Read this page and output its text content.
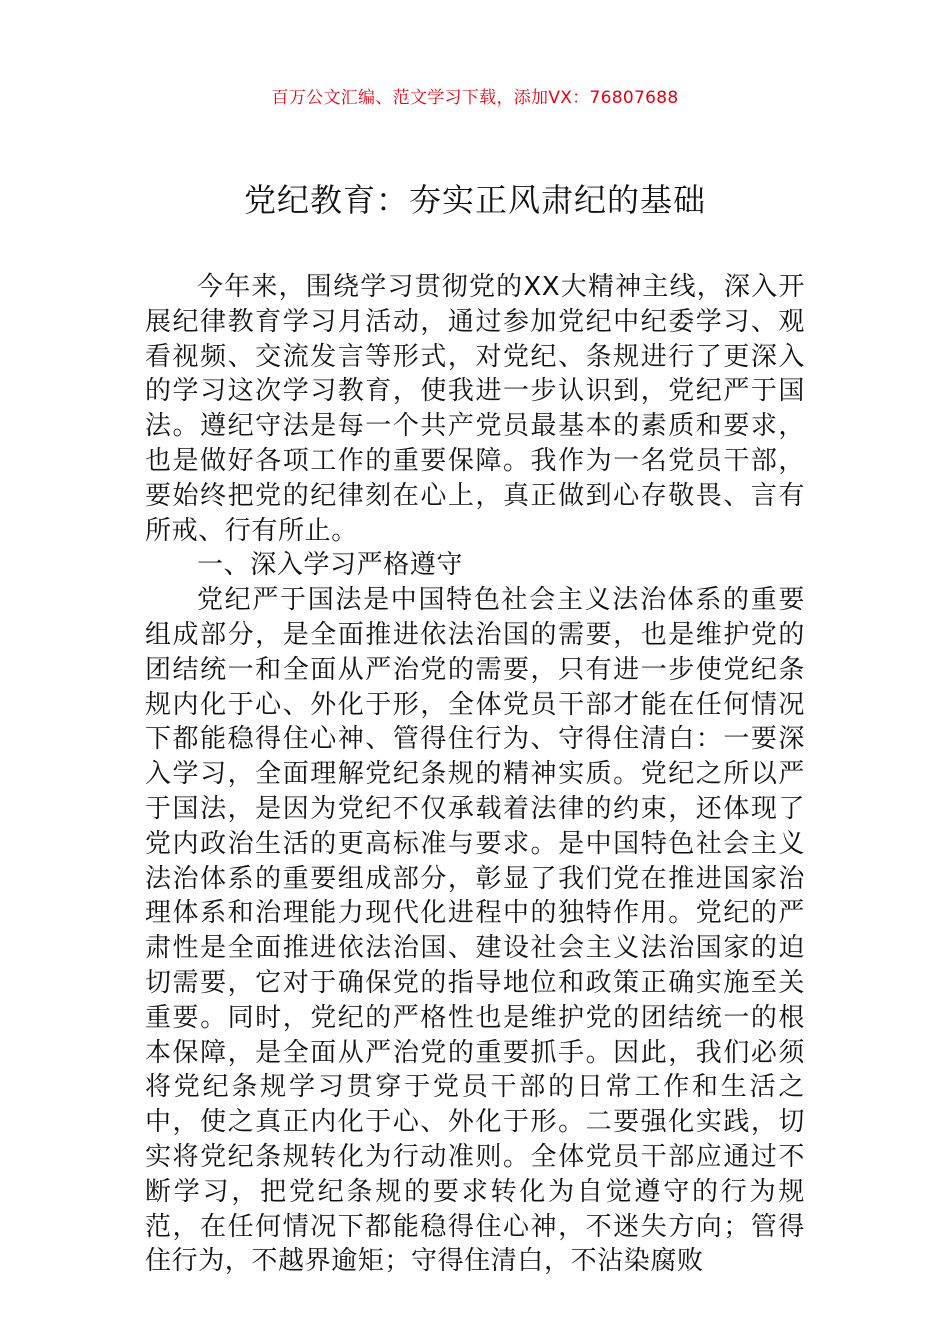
百万公文汇编、范文学习下载，添加VX：76807688
党纪教育：夯实正风肃纪的基础

今年来，围绕学习贯彻党的XX大精神主线，深入开展纪律教育学习月活动，通过参加党纪中纪委学习、观看视频、交流发言等形式，对党纪、条规进行了更深入的学习这次学习教育，使我进一步认识到，党纪严于国法。遵纪守法是每一个共产党员最基本的素质和要求，也是做好各项工作的重要保障。我作为一名党员干部，要始终把党的纪律刻在心上，真正做到心存敬畏、言有所戒、行有所止。

一、深入学习严格遵守

党纪严于国法是中国特色社会主义法治体系的重要组成部分，是全面推进依法治国的需要，也是维护党的团结统一和全面从严治党的需要，只有进一步使党纪条规内化于心、外化于形，全体党员干部才能在任何情况下都能稳得住心神、管得住行为、守得住清白：一要深入学习，全面理解党纪条规的精神实质。党纪之所以严于国法，是因为党纪不仅承载着法律的约束，还体现了党内政治生活的更高标准与要求。是中国特色社会主义法治体系的重要组成部分，彰显了我们党在推进国家治理体系和治理能力现代化进程中的独特作用。党纪的严肃性是全面推进依法治国、建设社会主义法治国家的迫切需要，它对于确保党的指导地位和政策正确实施至关重要。同时，党纪的严格性也是维护党的团结统一的根本保障，是全面从严治党的重要抓手。因此，我们必须将党纪条规学习贯穿于党员干部的日常工作和生活之中，使之真正内化于心、外化于形。二要强化实践，切实将党纪条规转化为行动准则。全体党员干部应通过不断学习，把党纪条规的要求转化为自觉遵守的行为规范，在任何情况下都能稳得住心神，不迷失方向；管得住行为，不越界逾矩；守得住清白，不沾染腐败
